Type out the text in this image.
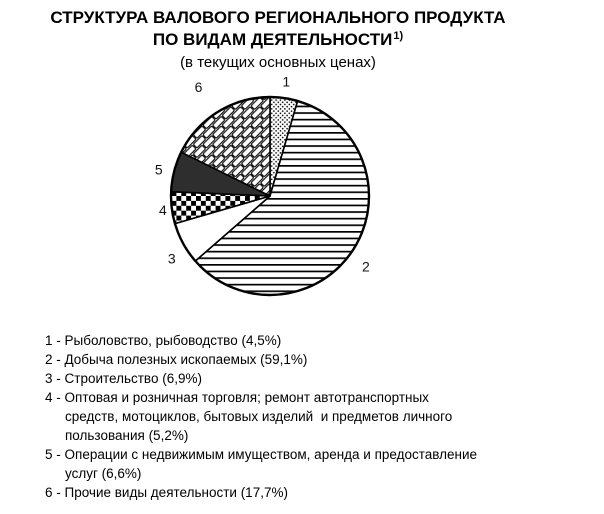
СТРУКТУРА ВАЛОВОГО РЕГИОНАЛЬНОГО ПРОДУКТА
ПО ВИДАМ ДЕЯТЕЛЬНОСТИ$^{1)}$
(в текущих основных ценах)
1
2
3
4
5
6
1 - Рыболовство, рыбоводство (4,5%)
2 - Добыча полезных ископаемых (59,1%)
3 - Строительство (6,9%)
4 - Оптовая и розничная торговля; ремонт автотранспортных
средств, мотоциклов, бытовых изделий  и предметов личного
пользования (5,2%)
5 - Операции с недвижимым имуществом, аренда и предоставление
услуг (6,6%)
6 - Прочие виды деятельности (17,7%)
